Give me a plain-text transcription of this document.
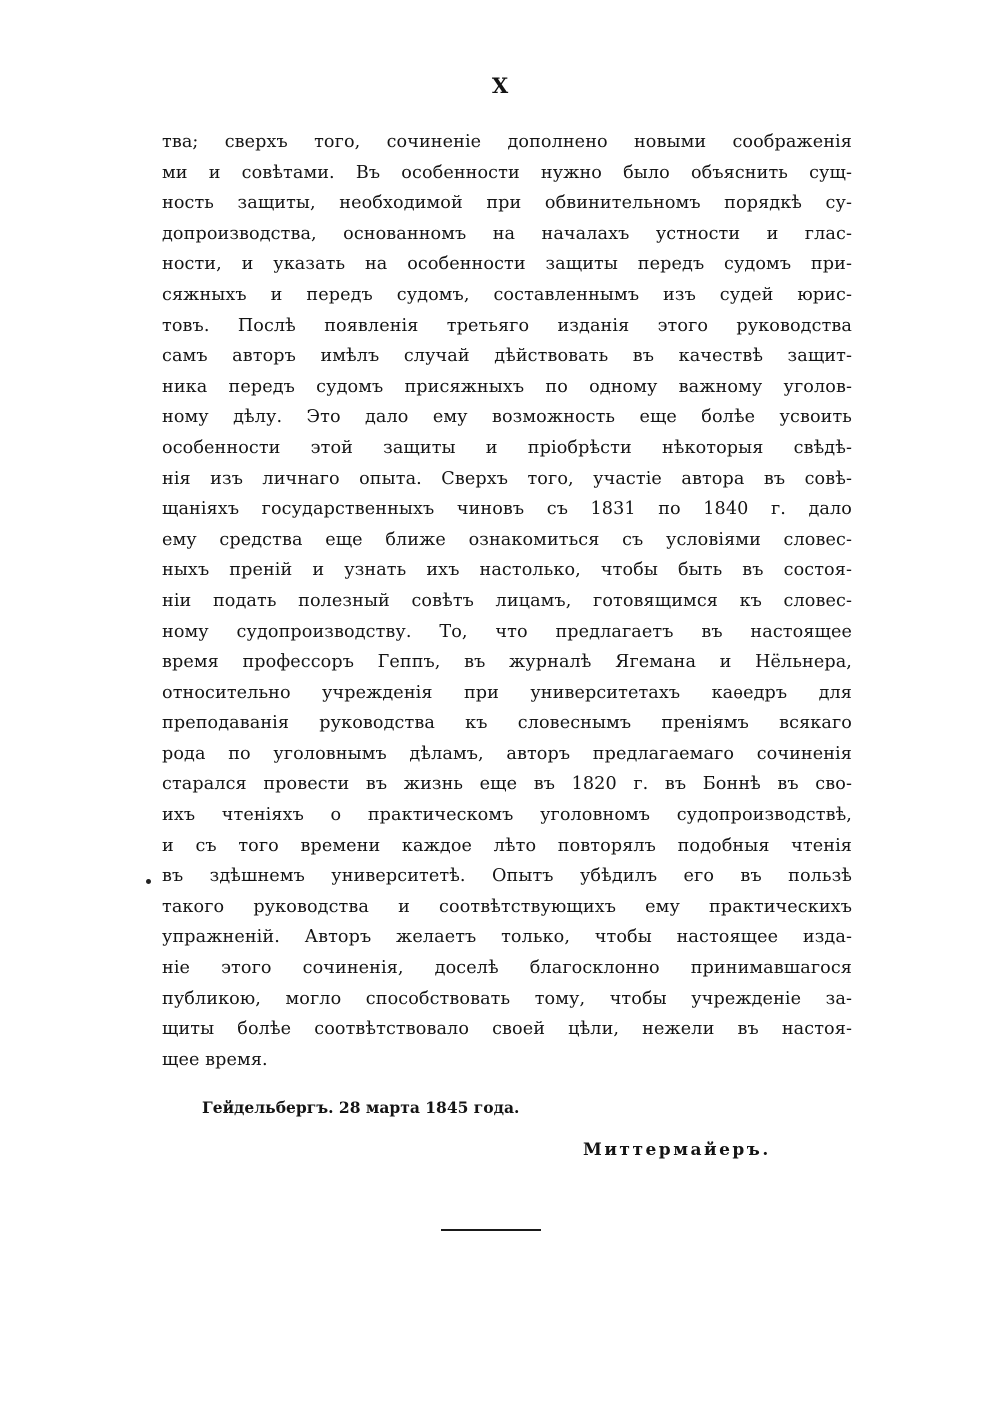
X
тва; сверхъ того, сочиненіе дополнено новыми соображенія
ми и совѣтами. Въ особенности нужно было объяснить сущ-
ность защиты, необходимой при обвинительномъ порядкѣ су-
допроизводства, основанномъ на началахъ устности и глас-
ности, и указать на особенности защиты передъ судомъ при-
сяжныхъ и передъ судомъ, составленнымъ изъ судей юрис-
товъ. Послѣ появленія третьяго изданія этого руководства
самъ авторъ имѣлъ случай дѣйствовать въ качествѣ защит-
ника передъ судомъ присяжныхъ по одному важному уголов-
ному дѣлу. Это дало ему возможность еще болѣе усвоить
особенности этой защиты и пріобрѣсти нѣкоторыя свѣдѣ-
нія изъ личнаго опыта. Сверхъ того, участіе автора въ совѣ-
щаніяхъ государственныхъ чиновъ съ 1831 по 1840 г. дало
ему средства еще ближе ознакомиться съ условіями словес-
ныхъ преній и узнать ихъ настолько, чтобы быть въ состоя-
ніи подать полезный совѣтъ лицамъ, готовящимся къ словес-
ному судопроизводству. То, что предлагаетъ въ настоящее
время профессоръ Геппъ, въ журналѣ Ягемана и Нёльнера,
относительно учрежденія при университетахъ каѳедръ для
преподаванія руководства къ словеснымъ преніямъ всякаго
рода по уголовнымъ дѣламъ, авторъ предлагаемаго сочиненія
старался провести въ жизнь еще въ 1820 г. въ Боннѣ въ сво-
ихъ чтеніяхъ о практическомъ уголовномъ судопроизводствѣ,
и съ того времени каждое лѣто повторялъ подобныя чтенія
въ здѣшнемъ университетѣ. Опытъ убѣдилъ его въ пользѣ
такого руководства и соотвѣтствующихъ ему практическихъ
упражненій. Авторъ желаетъ только, чтобы настоящее изда-
ніе этого сочиненія, доселѣ благосклонно принимавшагося
публикою, могло способствовать тому, чтобы учрежденіе за-
щиты болѣе соотвѣтствовало своей цѣли, нежели въ настоя-
щее время.
Гейдельбергъ. 28 марта 1845 года.
Миттермайеръ.
